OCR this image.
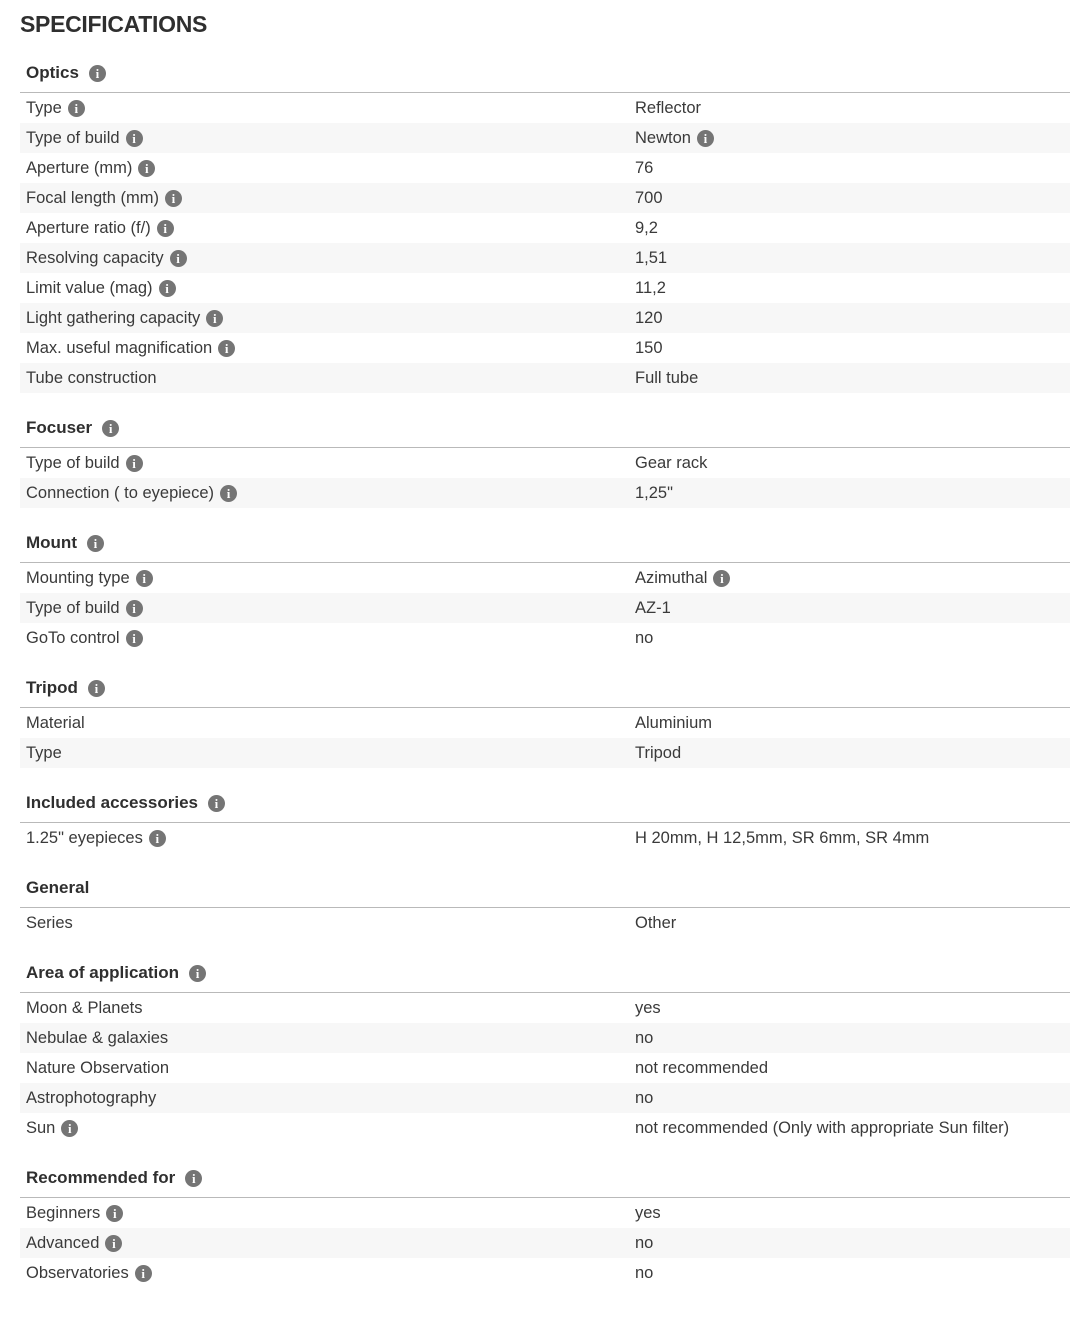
SPECIFICATIONS
Optics	i
Type i	Reflector
Type of build i	Newton i
Aperture (mm) i	76
Focal length (mm) i	700
Aperture ratio (f/) i	9,2
Resolving capacity i	1,51
Limit value (mag) i	11,2
Light gathering capacity i	120
Max. useful magnification i	150
Tube construction	Full tube
Focuser	i
Type of build i	Gear rack
Connection ( to eyepiece) i	1,25"
Mount	i
Mounting type i	Azimuthal i
Type of build i	AZ-1
GoTo control i	no
Tripod	i
Material	Aluminium
Type	Tripod
Included accessories	i
1.25" eyepieces i	H 20mm, H 12,5mm, SR 6mm, SR 4mm
General
Series	Other
Area of application	i
Moon & Planets	yes
Nebulae & galaxies	no
Nature Observation	not recommended
Astrophotography	no
Sun i	not recommended (Only with appropriate Sun filter)
Recommended for	i
Beginners i	yes
Advanced i	no
Observatories i	no
